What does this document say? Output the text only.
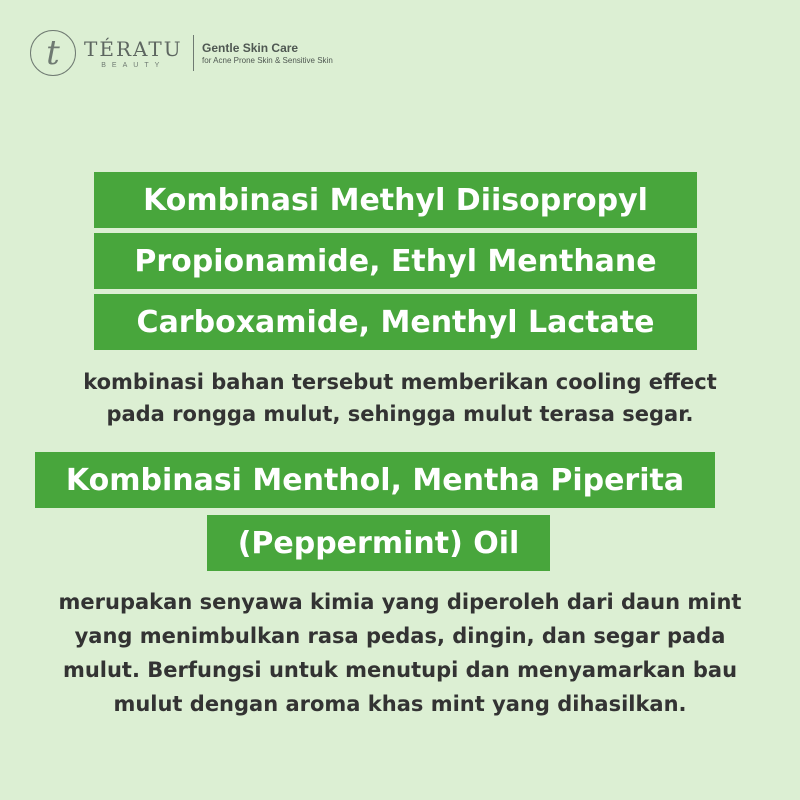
t TÉRATU
BEAUTY
Gentle Skin Care
for Acne Prone Skin & Sensitive Skin
Kombinasi Methyl Diisopropyl
Propionamide, Ethyl Menthane
Carboxamide, Menthyl Lactate
kombinasi bahan tersebut memberikan cooling effect
pada rongga mulut, sehingga mulut terasa segar.
Kombinasi Menthol, Mentha Piperita
(Peppermint) Oil
merupakan senyawa kimia yang diperoleh dari daun mint
yang menimbulkan rasa pedas, dingin, dan segar pada
mulut. Berfungsi untuk menutupi dan menyamarkan bau
mulut dengan aroma khas mint yang dihasilkan.
